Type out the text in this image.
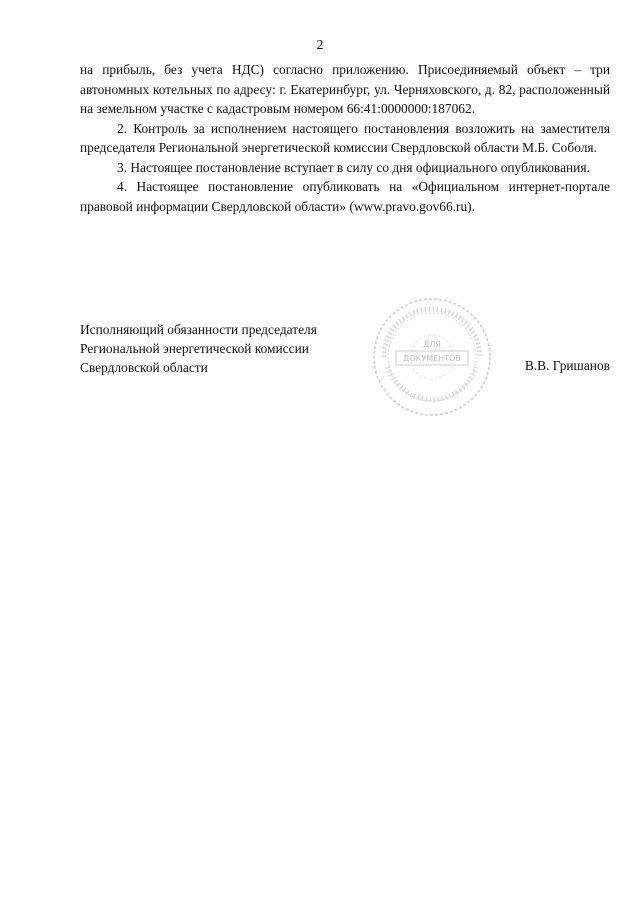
2

на прибыль, без учета НДС) согласно приложению. Присоединяемый объект – три автономных котельных по адресу: г. Екатеринбург, ул. Черняховского, д. 82, расположенный на земельном участке с кадастровым номером 66:41:0000000:187062.

2. Контроль за исполнением настоящего постановления возложить на заместителя председателя Региональной энергетической комиссии Свердловской области М.Б. Соболя.

3. Настоящее постановление вступает в силу со дня официального опубликования.

4. Настоящее постановление опубликовать на «Официальном интернет-портале правовой информации Свердловской области» (www.pravo.gov66.ru).

Исполняющий обязанности председателя
Региональной энергетической комиссии
Свердловской области
ДЛЯ
ДОКУМЕНТОВ	В.В. Гришанов
